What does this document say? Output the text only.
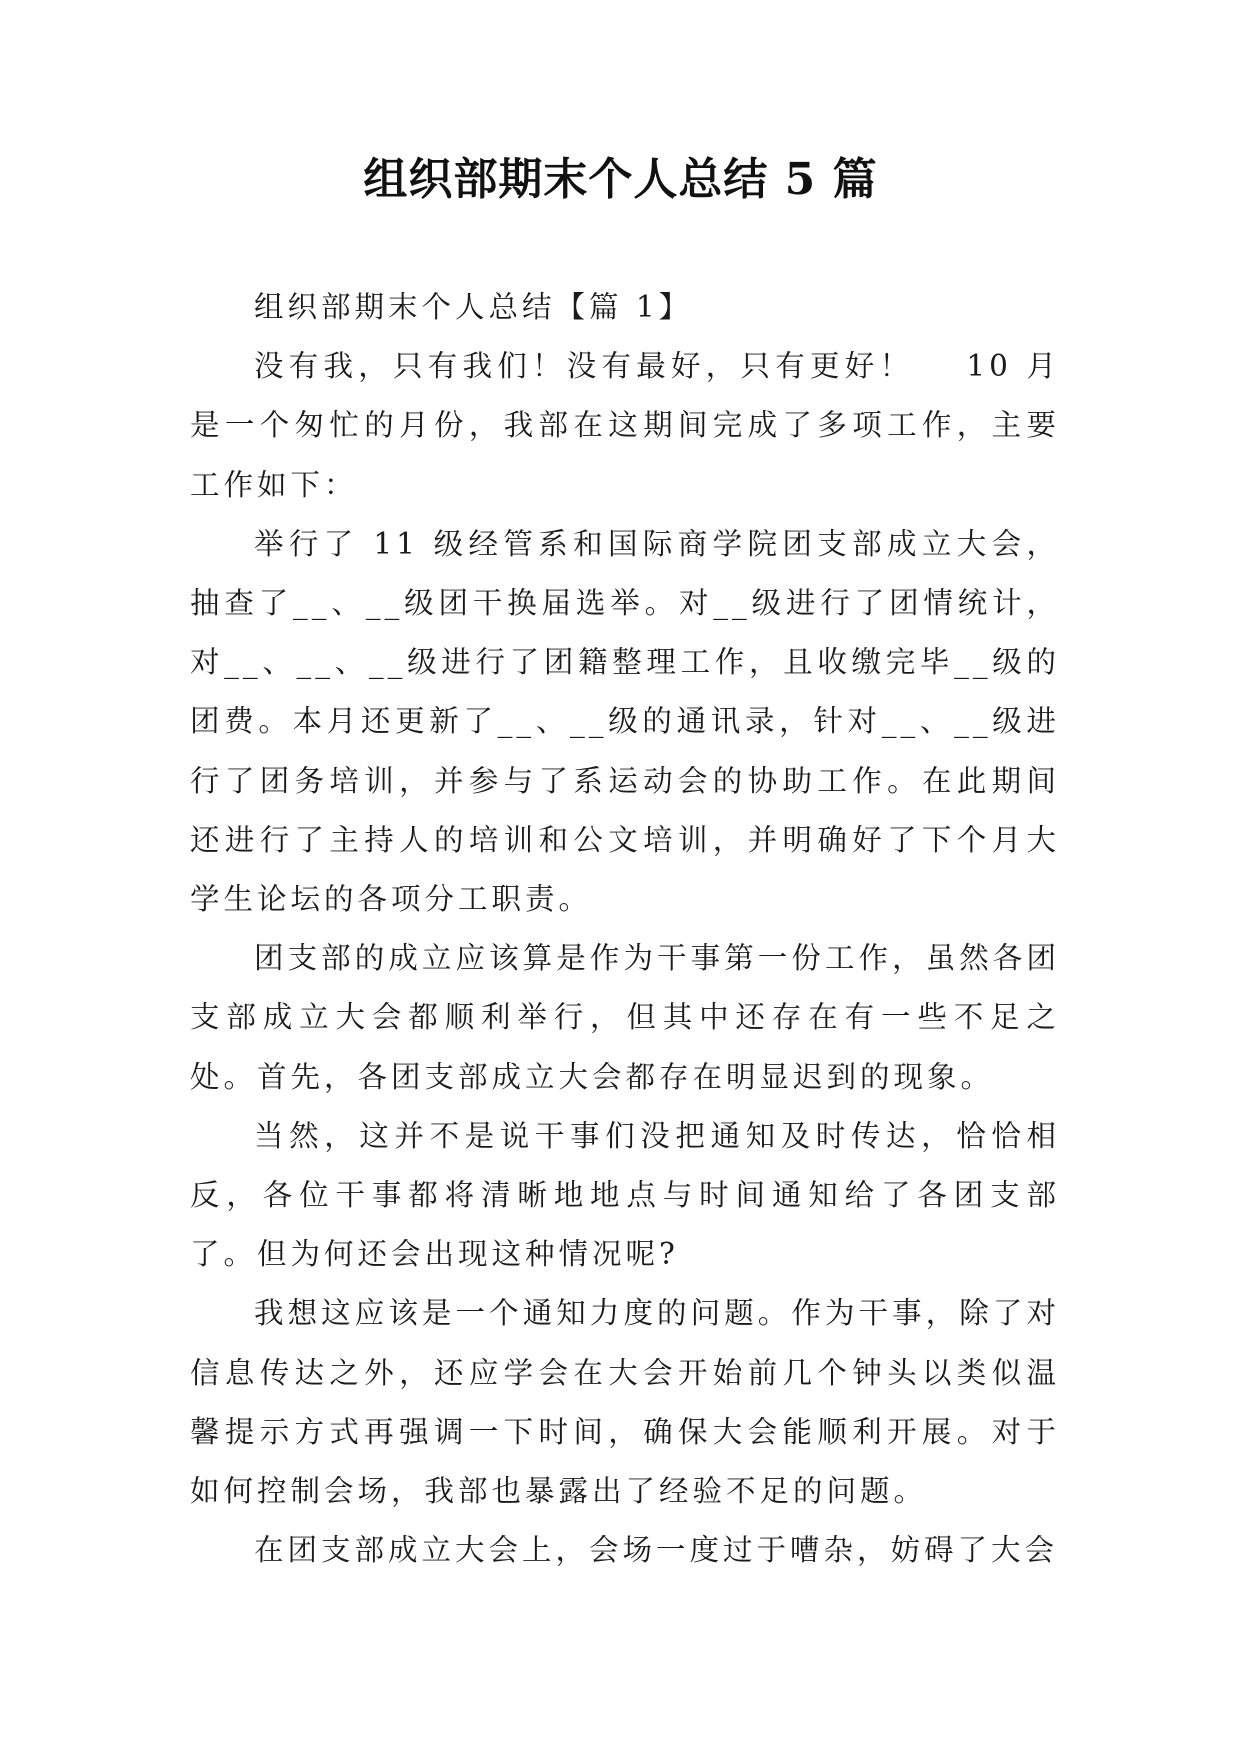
组织部期末个人总结 5 篇

组织部期末个人总结【篇 1】

没有我，只有我们！没有最好，只有更好！ 10 月是一个匆忙的月份，我部在这期间完成了多项工作，主要工作如下：

举行了 11 级经管系和国际商学院团支部成立大会，抽查了__、__级团干换届选举。对__级进行了团情统计，对__、__、__级进行了团籍整理工作，且收缴完毕__级的团费。本月还更新了__、__级的通讯录，针对__、__级进行了团务培训，并参与了系运动会的协助工作。在此期间还进行了主持人的培训和公文培训，并明确好了下个月大学生论坛的各项分工职责。

团支部的成立应该算是作为干事第一份工作，虽然各团支部成立大会都顺利举行，但其中还存在有一些不足之处。首先，各团支部成立大会都存在明显迟到的现象。

当然，这并不是说干事们没把通知及时传达，恰恰相反，各位干事都将清晰地地点与时间通知给了各团支部了。但为何还会出现这种情况呢?

我想这应该是一个通知力度的问题。作为干事，除了对信息传达之外，还应学会在大会开始前几个钟头以类似温馨提示方式再强调一下时间，确保大会能顺利开展。对于如何控制会场，我部也暴露出了经验不足的问题。

在团支部成立大会上，会场一度过于嘈杂，妨碍了大会
